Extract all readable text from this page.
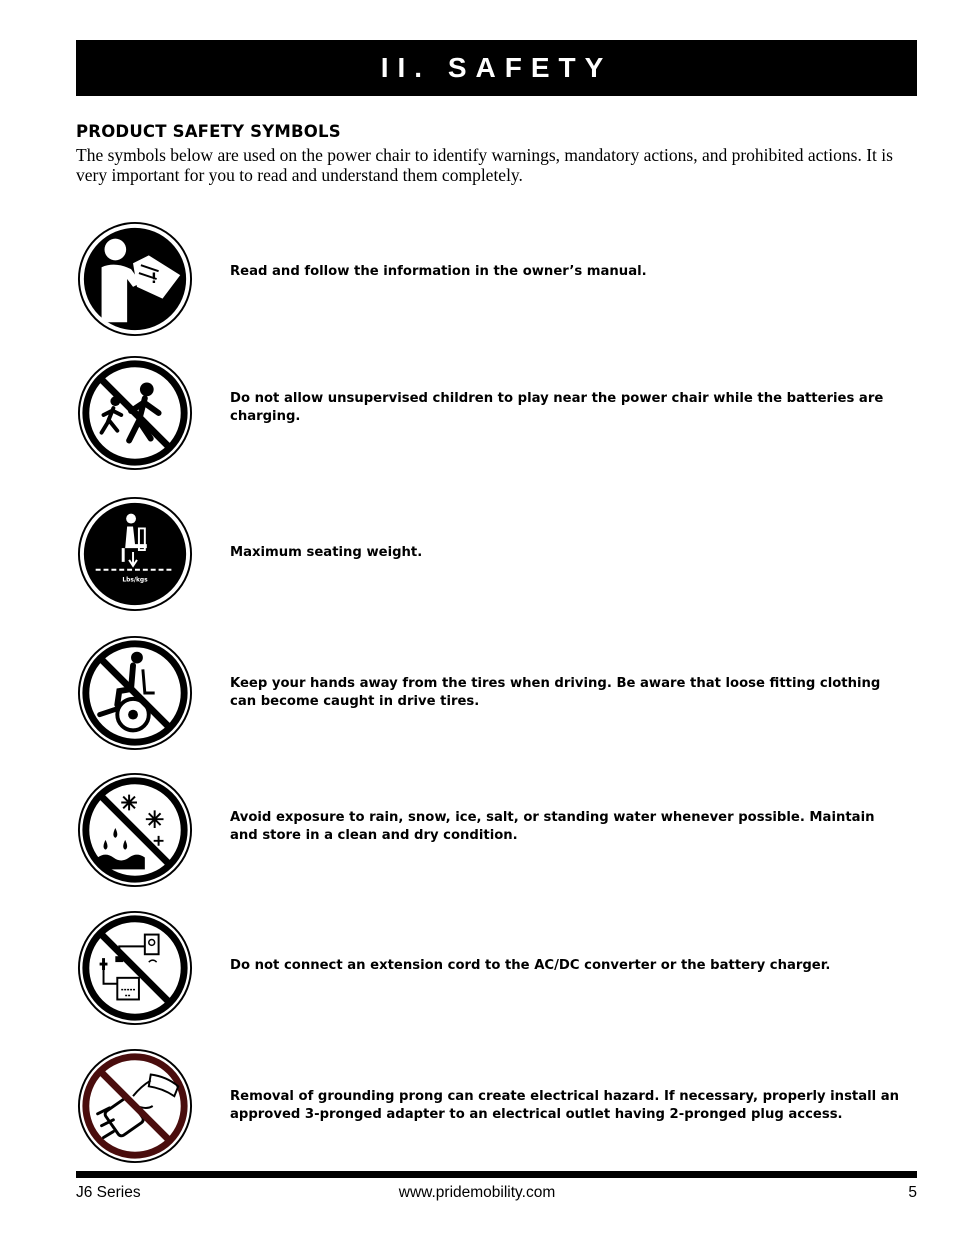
II. SAFETY
PRODUCT SAFETY SYMBOLS

The symbols below are used on the power chair to identify warnings, mandatory actions, and prohibited actions. It is very important for you to read and understand them completely.

!	Read and follow the information in the owner’s manual.

Do not allow unsupervised children to play near the power chair while the batteries are charging.

Lbs/kgs

Maximum seating weight.

Keep your hands away from the tires when driving. Be aware that loose fitting clothing can become caught in drive tires.

Avoid exposure to rain, snow, ice, salt, or standing water whenever possible. Maintain and store in a clean and dry condition.

Do not connect an extension cord to the AC/DC converter or the battery charger.

Removal of grounding prong can create electrical hazard. If necessary, properly install an approved 3-pronged adapter to an electrical outlet having 2-pronged plug access.

J6 Series	www.pridemobility.com	5
